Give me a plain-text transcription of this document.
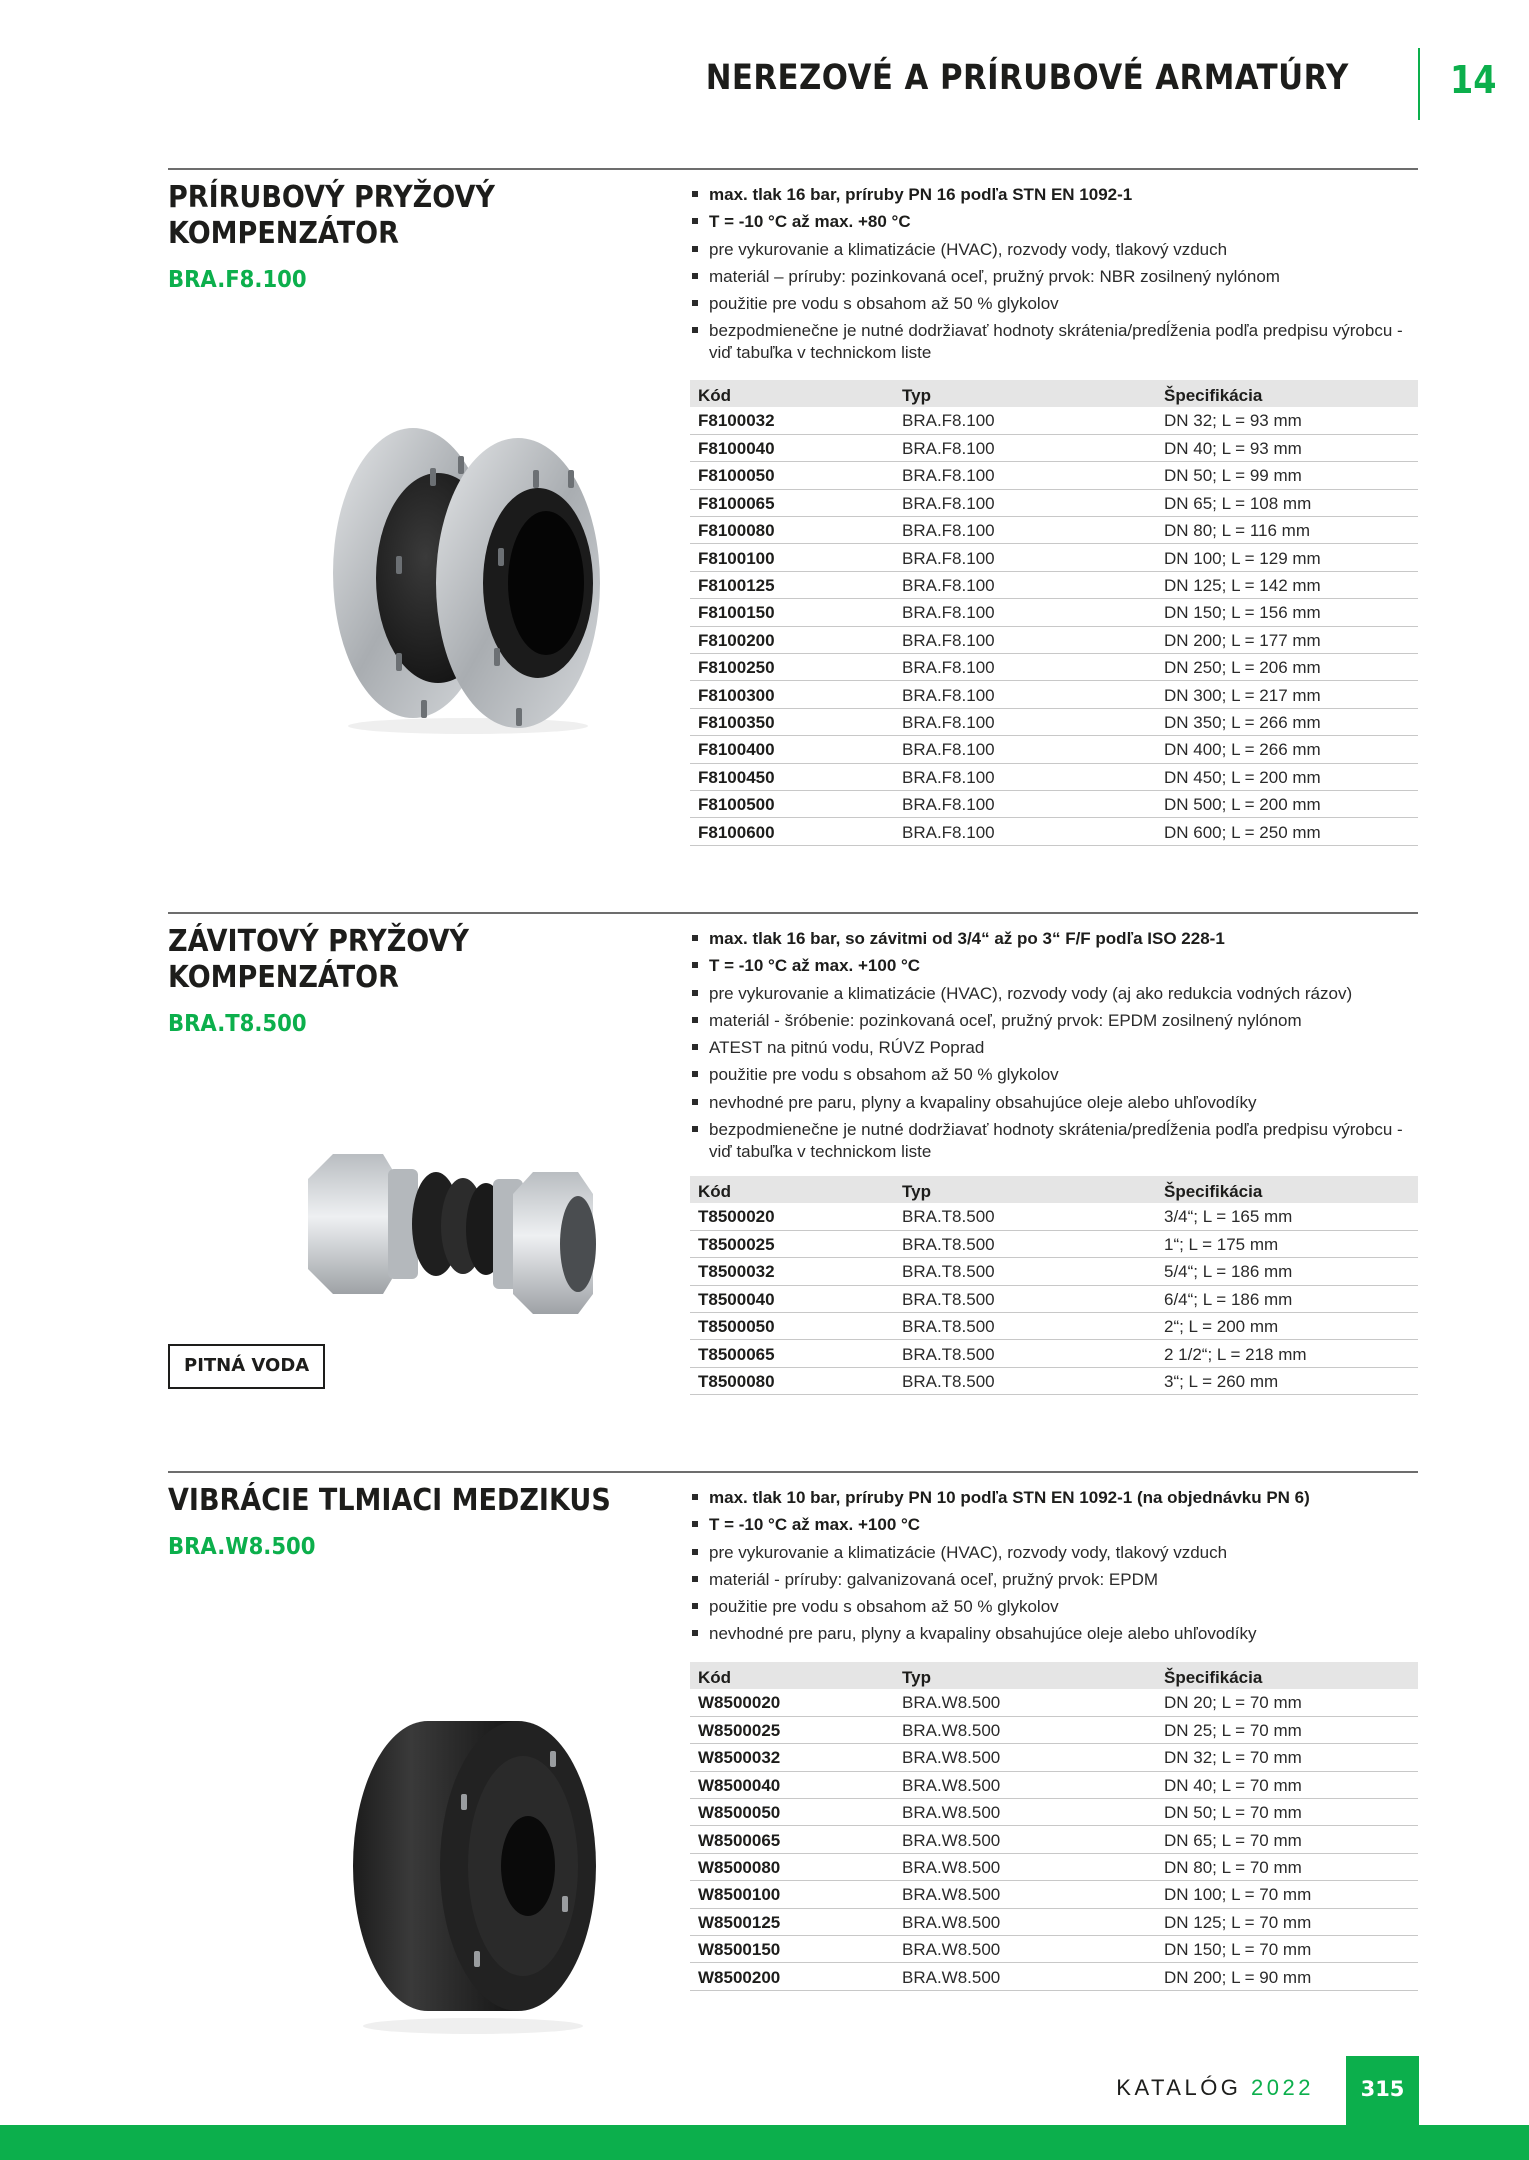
NEREZOVÉ A PRÍRUBOVÉ ARMATÚRY	14
PRÍRUBOVÝ PRYŽOVÝ
KOMPENZÁTOR
BRA.F8.100
max. tlak 16 bar, príruby PN 16 podľa STN EN 1092-1
T = -10 °C až max. +80 °C
pre vykurovanie a klimatizácie (HVAC), rozvody vody, tlakový vzduch
materiál – príruby: pozinkovaná oceľ, pružný prvok: NBR zosilnený nylónom
použitie pre vodu s obsahom až 50 % glykolov
bezpodmienečne je nutné dodržiavať hodnoty skrátenia/predĺženia podľa predpisu výrobcu - viď tabuľka v technickom liste
Kód	Typ	Špecifikácia
F8100032	BRA.F8.100	DN 32; L = 93 mm
F8100040	BRA.F8.100	DN 40; L = 93 mm
F8100050	BRA.F8.100	DN 50; L = 99 mm
F8100065	BRA.F8.100	DN 65; L = 108 mm
F8100080	BRA.F8.100	DN 80; L = 116 mm
F8100100	BRA.F8.100	DN 100; L = 129 mm
F8100125	BRA.F8.100	DN 125; L = 142 mm
F8100150	BRA.F8.100	DN 150; L = 156 mm
F8100200	BRA.F8.100	DN 200; L = 177 mm
F8100250	BRA.F8.100	DN 250; L = 206 mm
F8100300	BRA.F8.100	DN 300; L = 217 mm
F8100350	BRA.F8.100	DN 350; L = 266 mm
F8100400	BRA.F8.100	DN 400; L = 266 mm
F8100450	BRA.F8.100	DN 450; L = 200 mm
F8100500	BRA.F8.100	DN 500; L = 200 mm
F8100600	BRA.F8.100	DN 600; L = 250 mm
ZÁVITOVÝ PRYŽOVÝ
KOMPENZÁTOR
BRA.T8.500
max. tlak 16 bar, so závitmi od 3/4“ až po 3“ F/F podľa ISO 228-1
T = -10 °C až max. +100 °C
pre vykurovanie a klimatizácie (HVAC), rozvody vody (aj ako redukcia vodných rázov)
materiál - šróbenie: pozinkovaná oceľ, pružný prvok: EPDM zosilnený nylónom
ATEST na pitnú vodu, RÚVZ Poprad
použitie pre vodu s obsahom až 50 % glykolov
nevhodné pre paru, plyny a kvapaliny obsahujúce oleje alebo uhľovodíky
bezpodmienečne je nutné dodržiavať hodnoty skrátenia/predĺženia podľa predpisu výrobcu - viď tabuľka v technickom liste
PITNÁ VODA
Kód	Typ	Špecifikácia
T8500020	BRA.T8.500	3/4“; L = 165 mm
T8500025	BRA.T8.500	1“; L = 175 mm
T8500032	BRA.T8.500	5/4“; L = 186 mm
T8500040	BRA.T8.500	6/4“; L = 186 mm
T8500050	BRA.T8.500	2“; L = 200 mm
T8500065	BRA.T8.500	2 1/2“; L = 218 mm
T8500080	BRA.T8.500	3“; L = 260 mm
VIBRÁCIE TLMIACI MEDZIKUS
BRA.W8.500
max. tlak 10 bar, príruby PN 10 podľa STN EN 1092-1 (na objednávku PN 6)
T = -10 °C až max. +100 °C
pre vykurovanie a klimatizácie (HVAC), rozvody vody, tlakový vzduch
materiál - príruby: galvanizovaná oceľ, pružný prvok: EPDM
použitie pre vodu s obsahom až 50 % glykolov
nevhodné pre paru, plyny a kvapaliny obsahujúce oleje alebo uhľovodíky
Kód	Typ	Špecifikácia
W8500020	BRA.W8.500	DN 20; L = 70 mm
W8500025	BRA.W8.500	DN 25; L = 70 mm
W8500032	BRA.W8.500	DN 32; L = 70 mm
W8500040	BRA.W8.500	DN 40; L = 70 mm
W8500050	BRA.W8.500	DN 50; L = 70 mm
W8500065	BRA.W8.500	DN 65; L = 70 mm
W8500080	BRA.W8.500	DN 80; L = 70 mm
W8500100	BRA.W8.500	DN 100; L = 70 mm
W8500125	BRA.W8.500	DN 125; L = 70 mm
W8500150	BRA.W8.500	DN 150; L = 70 mm
W8500200	BRA.W8.500	DN 200; L = 90 mm
KATALÓG 2022	315
